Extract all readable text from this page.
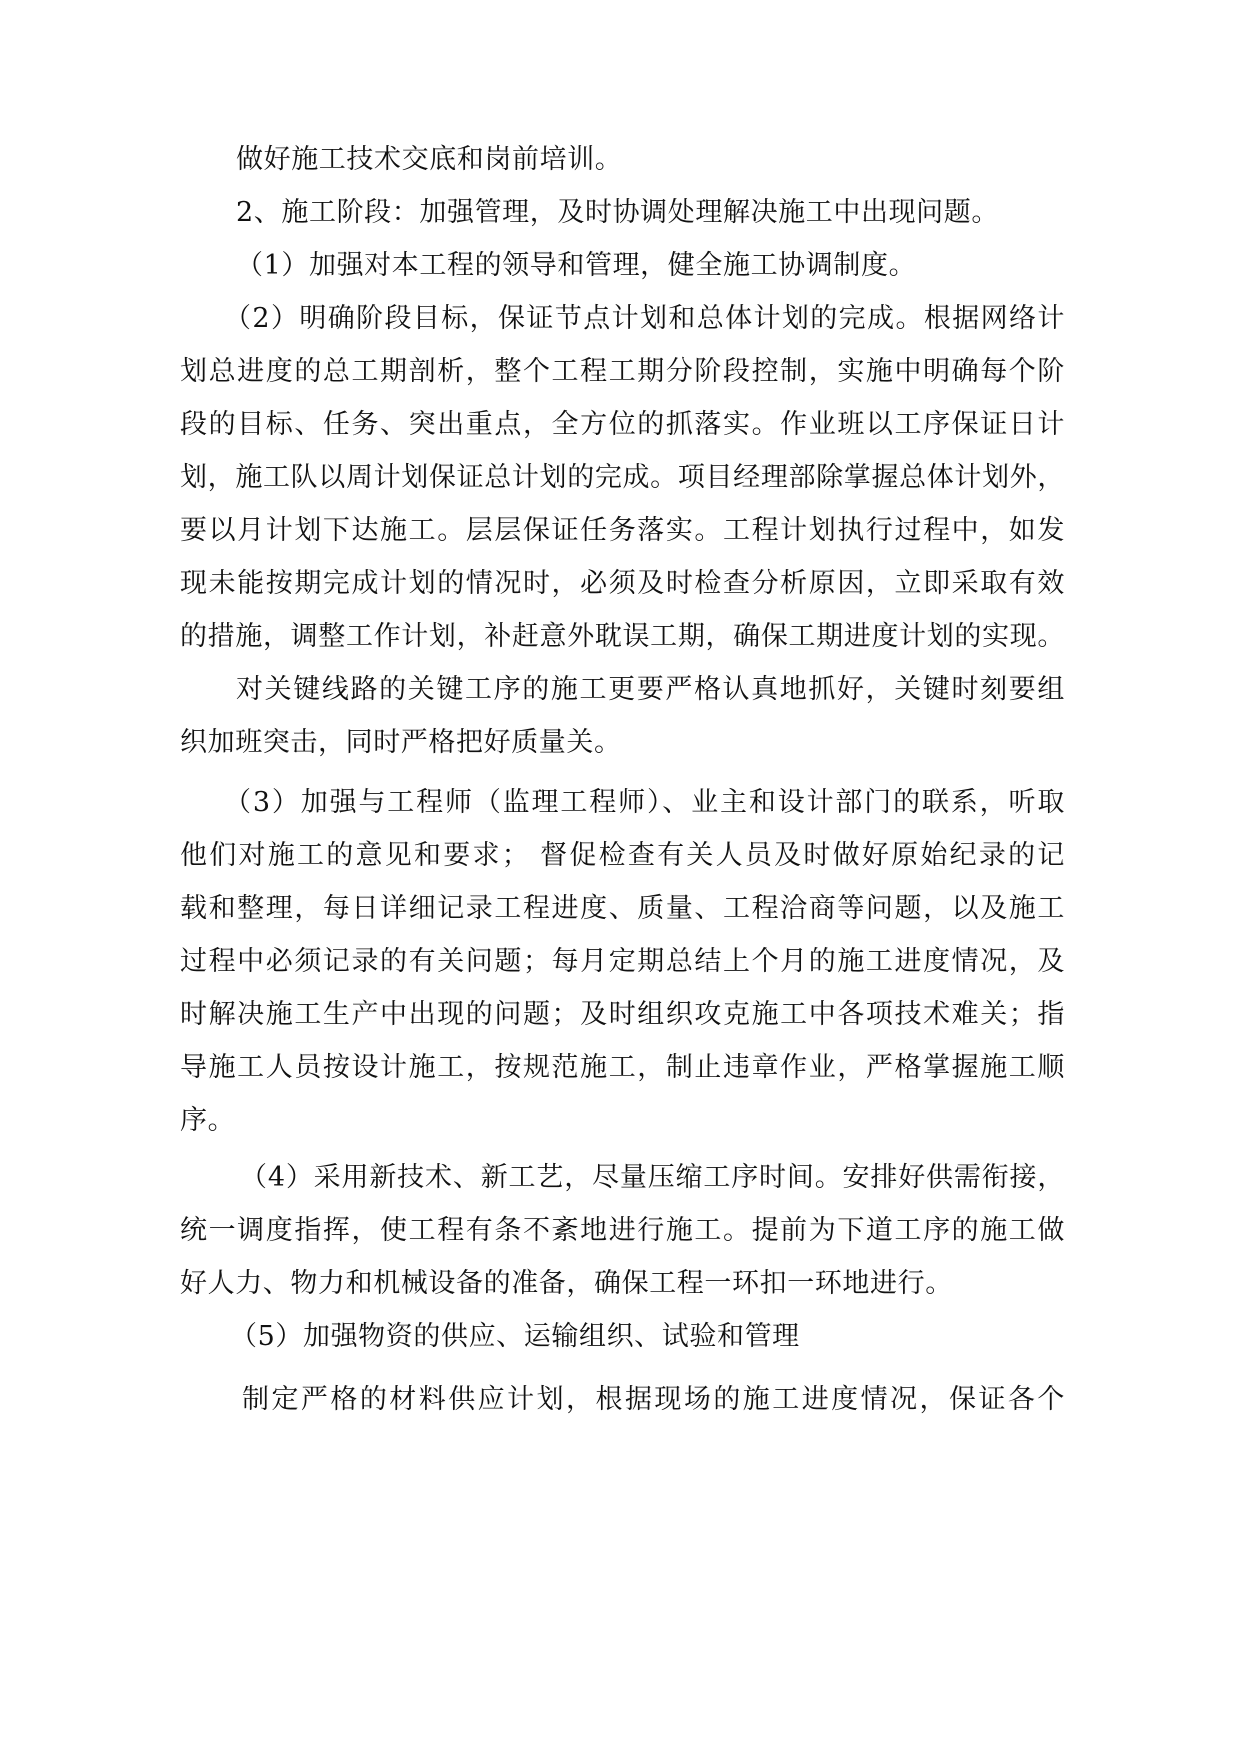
做好施工技术交底和岗前培训。
2、施工阶段：加强管理，及时协调处理解决施工中出现问题。
（1）加强对本工程的领导和管理，健全施工协调制度。
（2）明确阶段目标，保证节点计划和总体计划的完成。根据网络计
划总进度的总工期剖析，整个工程工期分阶段控制，实施中明确每个阶
段的目标、任务、突出重点，全方位的抓落实。作业班以工序保证日计
划，施工队以周计划保证总计划的完成。项目经理部除掌握总体计划外，
要以月计划下达施工。层层保证任务落实。工程计划执行过程中，如发
现未能按期完成计划的情况时，必须及时检查分析原因，立即采取有效
的措施，调整工作计划，补赶意外耽误工期，确保工期进度计划的实现。
对关键线路的关键工序的施工更要严格认真地抓好，关键时刻要组
织加班突击，同时严格把好质量关。
（3）加强与工程师（监理工程师）、业主和设计部门的联系，听取
他们对施工的意见和要求； 督促检查有关人员及时做好原始纪录的记
载和整理，每日详细记录工程进度、质量、工程洽商等问题，以及施工
过程中必须记录的有关问题；每月定期总结上个月的施工进度情况，及
时解决施工生产中出现的问题；及时组织攻克施工中各项技术难关；指
导施工人员按设计施工，按规范施工，制止违章作业，严格掌握施工顺
序。
（4）采用新技术、新工艺，尽量压缩工序时间。安排好供需衔接，
统一调度指挥，使工程有条不紊地进行施工。提前为下道工序的施工做
好人力、物力和机械设备的准备，确保工程一环扣一环地进行。
（5）加强物资的供应、运输组织、试验和管理
制定严格的材料供应计划，根据现场的施工进度情况，保证各个
